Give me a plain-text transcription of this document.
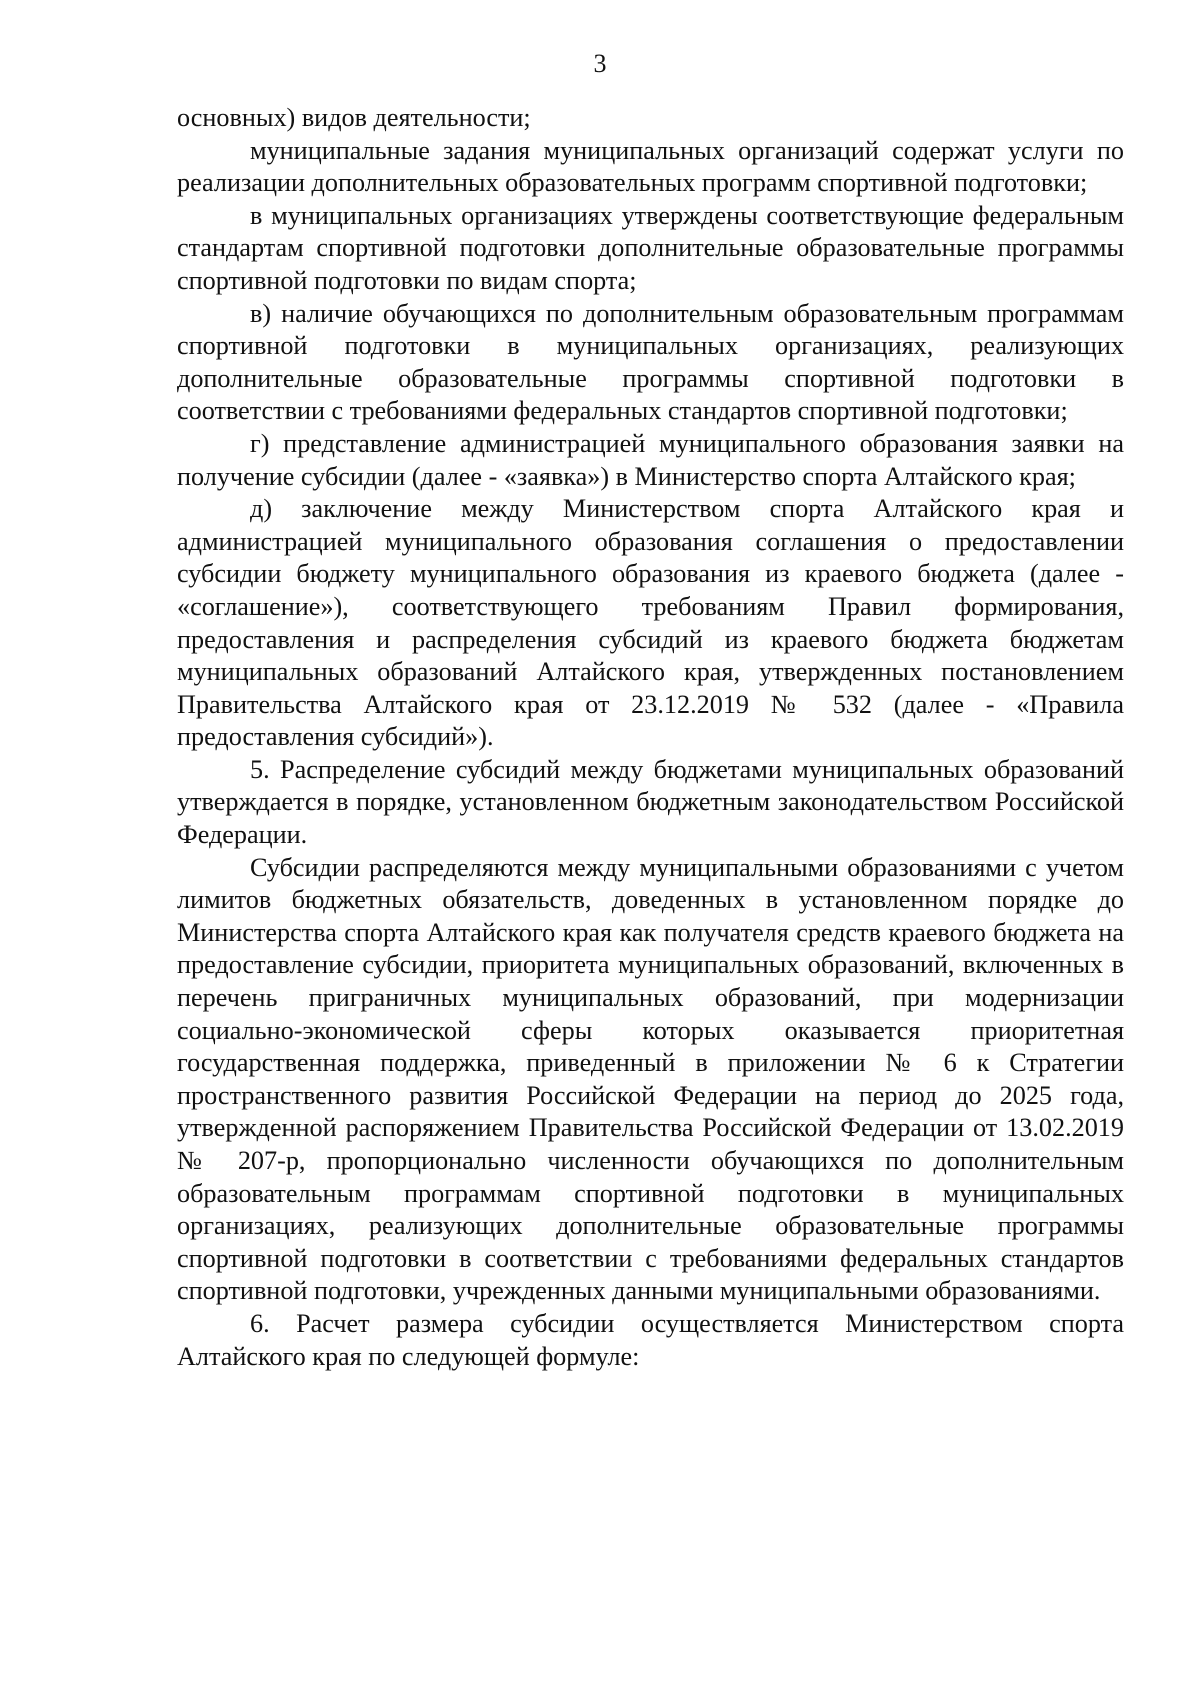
3

основных) видов деятельности;

муниципальные задания муниципальных организаций содержат услуги по реализации дополнительных образовательных программ спортивной подготовки;

в муниципальных организациях утверждены соответствующие федеральным стандартам спортивной подготовки дополнительные образовательные программы спортивной подготовки по видам спорта;

в) наличие обучающихся по дополнительным образовательным программам спортивной подготовки в муниципальных организациях, реализующих дополнительные образовательные программы спортивной подготовки в соответствии с требованиями федеральных стандартов спортивной подготовки;

г) представление администрацией муниципального образования заявки на получение субсидии (далее - «заявка») в Министерство спорта Алтайского края;

д) заключение между Министерством спорта Алтайского края и администрацией муниципального образования соглашения о предоставлении субсидии бюджету муниципального образования из краевого бюджета (далее - «соглашение»), соответствующего требованиям Правил формирования, предоставления и распределения субсидий из краевого бюджета бюджетам муниципальных образований Алтайского края, утвержденных постановлением Правительства Алтайского края от 23.12.2019 № 532 (далее - «Правила предоставления субсидий»).

5. Распределение субсидий между бюджетами муниципальных образований утверждается в порядке, установленном бюджетным законодательством Российской Федерации.

Субсидии распределяются между муниципальными образованиями с учетом лимитов бюджетных обязательств, доведенных в установленном порядке до Министерства спорта Алтайского края как получателя средств краевого бюджета на предоставление субсидии, приоритета муниципальных образований, включенных в перечень приграничных муниципальных образований, при модернизации социально-экономической сферы которых оказывается приоритетная государственная поддержка, приведенный в приложении № 6 к Стратегии пространственного развития Российской Федерации на период до 2025 года, утвержденной распоряжением Правительства Российской Федерации от 13.02.2019 № 207-р, пропорционально численности обучающихся по дополнительным образовательным программам спортивной подготовки в муниципальных организациях, реализующих дополнительные образовательные программы спортивной подготовки в соответствии с требованиями федеральных стандартов спортивной подготовки, учрежденных данными муниципальными образованиями.

6. Расчет размера субсидии осуществляется Министерством спорта Алтайского края по следующей формуле:
